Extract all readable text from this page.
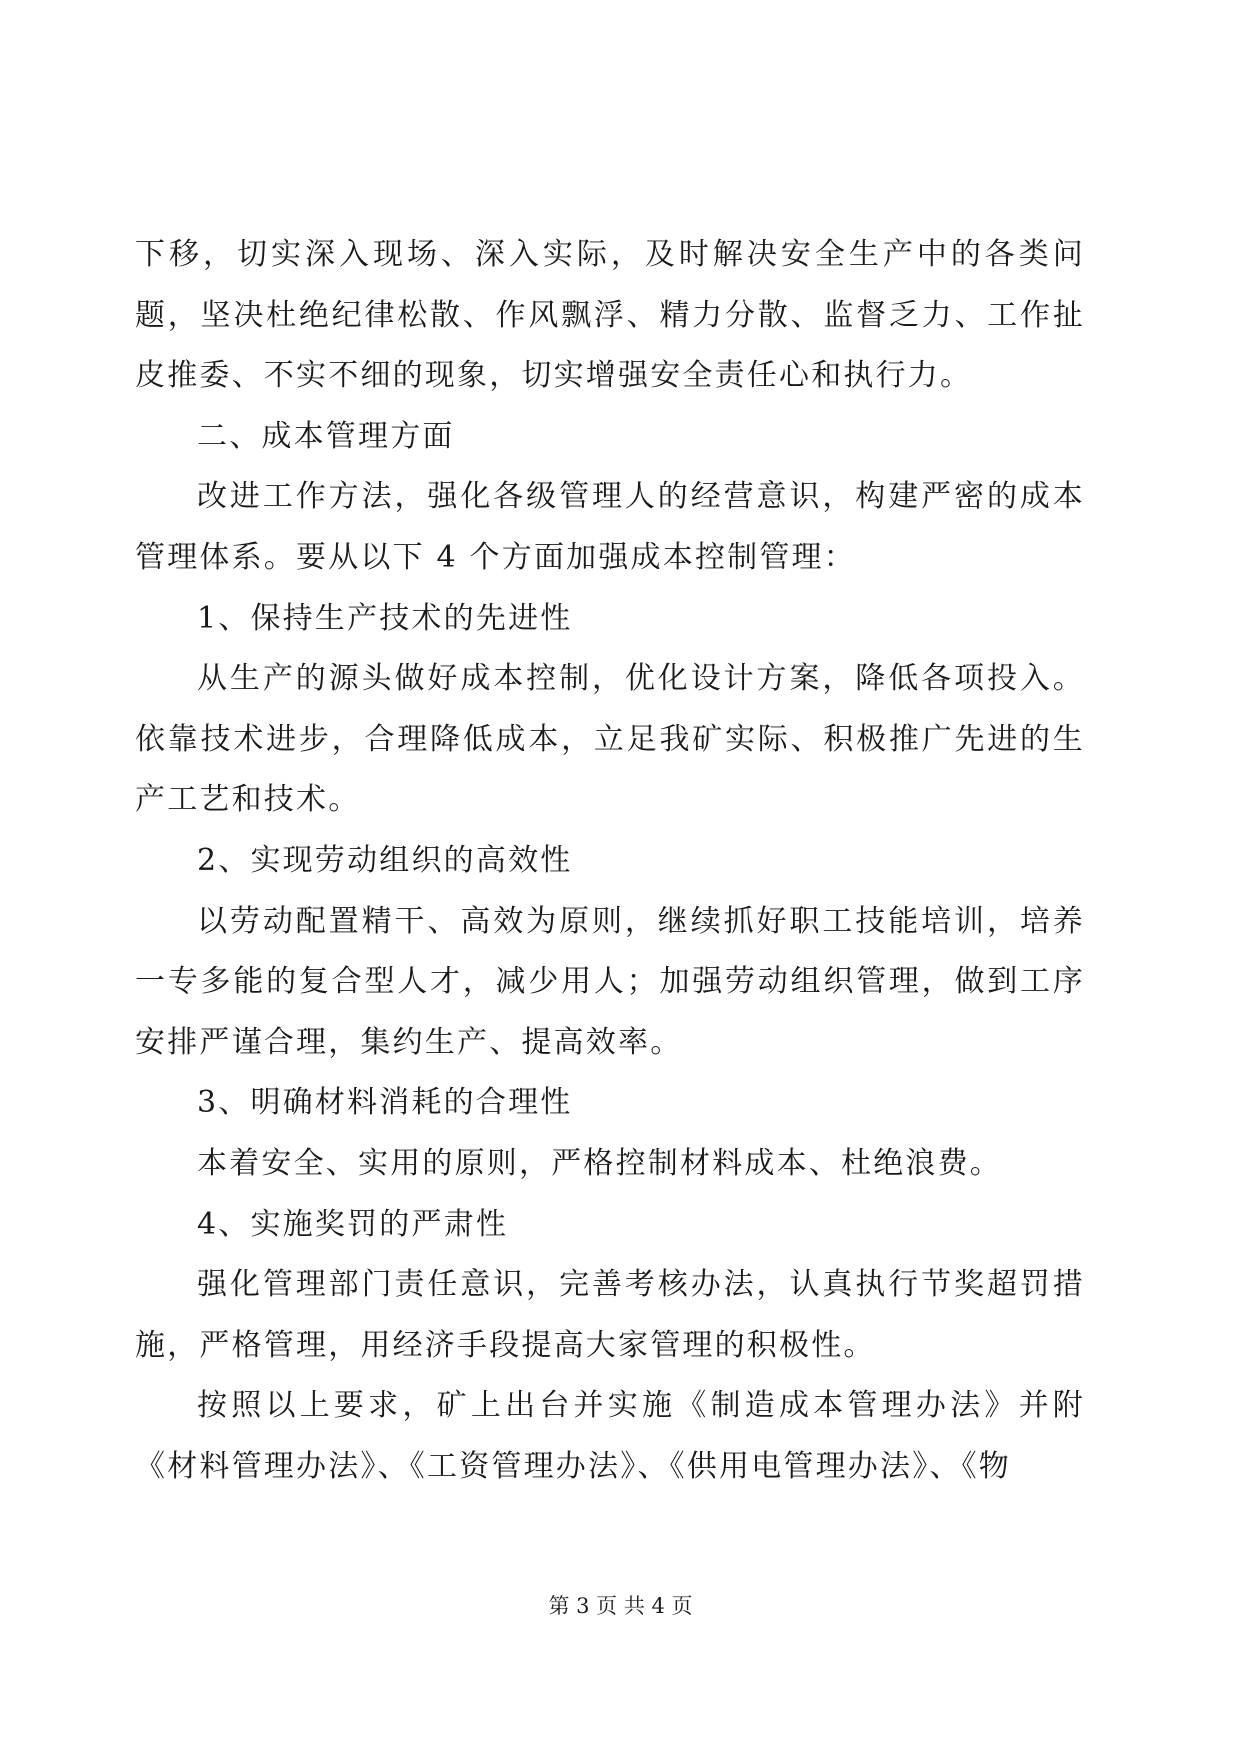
下移，切实深入现场、深入实际，及时解决安全生产中的各类问题，坚决杜绝纪律松散、作风飘浮、精力分散、监督乏力、工作扯皮推委、不实不细的现象，切实增强安全责任心和执行力。

二、成本管理方面

改进工作方法，强化各级管理人的经营意识，构建严密的成本管理体系。要从以下 4 个方面加强成本控制管理：

1、保持生产技术的先进性

从生产的源头做好成本控制，优化设计方案，降低各项投入。依靠技术进步，合理降低成本，立足我矿实际、积极推广先进的生产工艺和技术。

2、实现劳动组织的高效性

以劳动配置精干、高效为原则，继续抓好职工技能培训，培养一专多能的复合型人才，减少用人；加强劳动组织管理，做到工序安排严谨合理，集约生产、提高效率。

3、明确材料消耗的合理性

本着安全、实用的原则，严格控制材料成本、杜绝浪费。

4、实施奖罚的严肃性

强化管理部门责任意识，完善考核办法，认真执行节奖超罚措施，严格管理，用经济手段提高大家管理的积极性。

按照以上要求，矿上出台并实施《制造成本管理办法》并附《材料管理办法》、《工资管理办法》、《供用电管理办法》、《物

第 3 页 共 4 页
